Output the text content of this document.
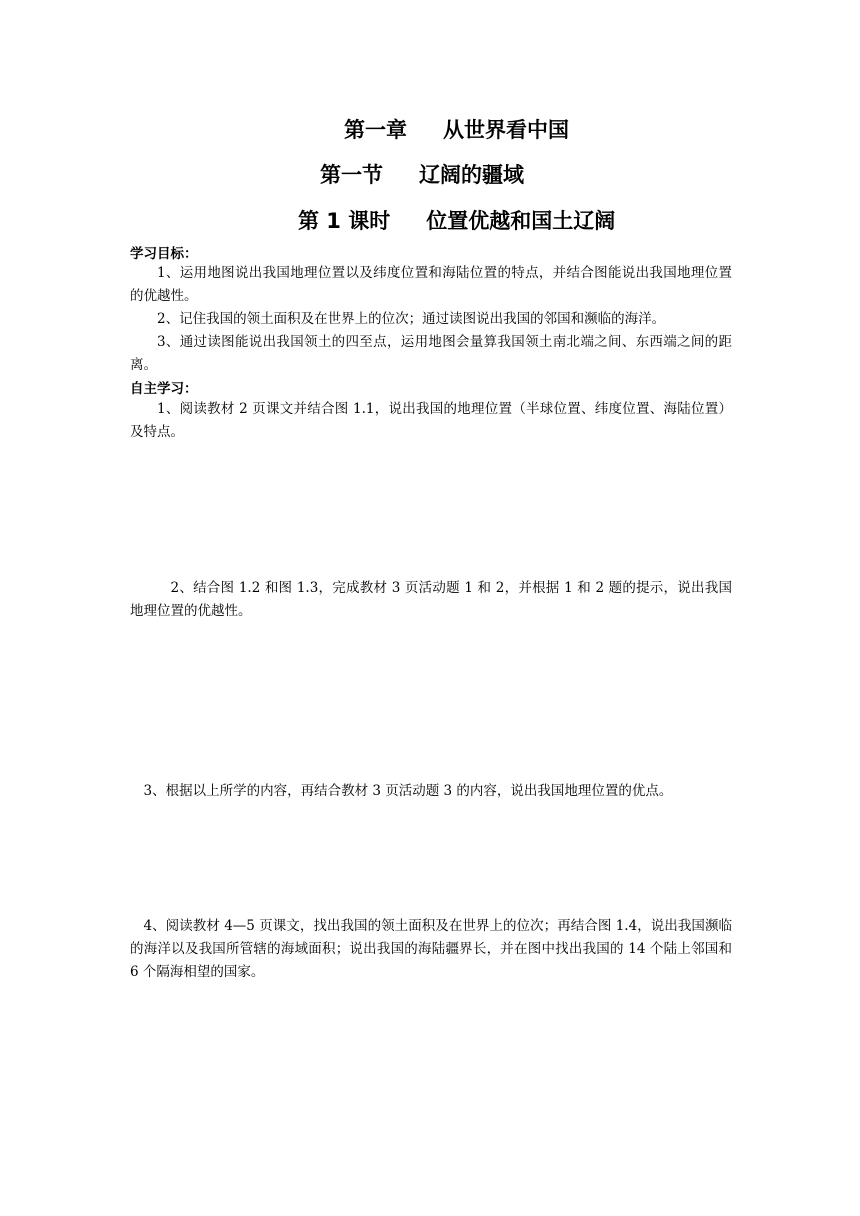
第一章 从世界看中国
第一节 辽阔的疆域
第 1 课时 位置优越和国土辽阔
学习目标：
1、运用地图说出我国地理位置以及纬度位置和海陆位置的特点，并结合图能说出我国地理位置的优越性。
2、记住我国的领土面积及在世界上的位次；通过读图说出我国的邻国和濒临的海洋。
3、通过读图能说出我国领土的四至点，运用地图会量算我国领土南北端之间、东西端之间的距离。
自主学习：
1、阅读教材 2 页课文并结合图 1.1，说出我国的地理位置（半球位置、纬度位置、海陆位置）及特点。
2、结合图 1.2 和图 1.3，完成教材 3 页活动题 1 和 2，并根据 1 和 2 题的提示，说出我国地理位置的优越性。
3、根据以上所学的内容，再结合教材 3 页活动题 3 的内容，说出我国地理位置的优点。
4、阅读教材 4—5 页课文，找出我国的领土面积及在世界上的位次；再结合图 1.4，说出我国濒临的海洋以及我国所管辖的海域面积；说出我国的海陆疆界长，并在图中找出我国的 14 个陆上邻国和 6 个隔海相望的国家。
